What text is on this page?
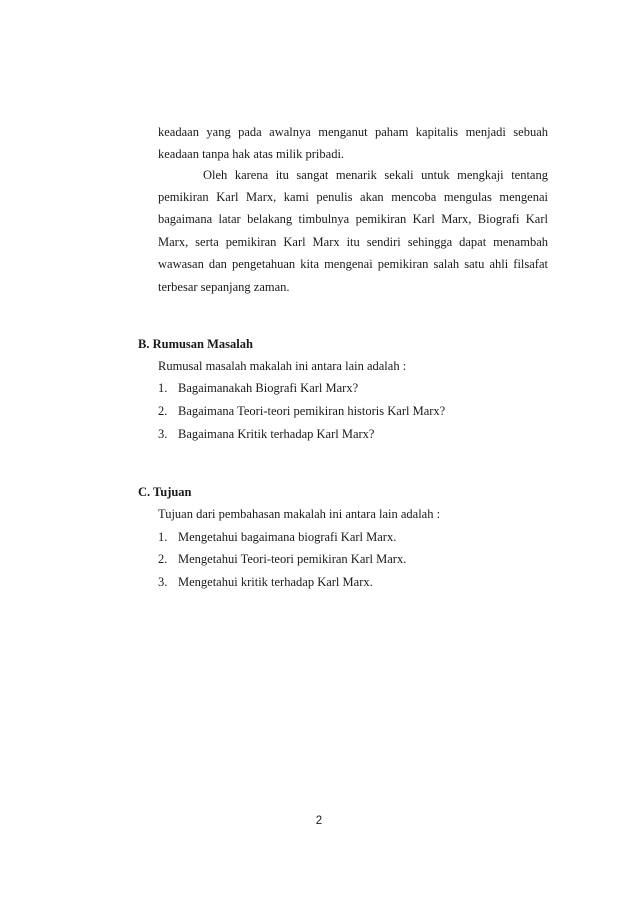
keadaan yang pada awalnya menganut paham kapitalis menjadi sebuah
keadaan tanpa hak atas milik pribadi.
Oleh karena itu sangat menarik sekali untuk mengkaji tentang
pemikiran Karl Marx, kami penulis akan mencoba mengulas mengenai
bagaimana latar belakang timbulnya pemikiran Karl Marx, Biografi Karl
Marx, serta pemikiran Karl Marx itu sendiri sehingga dapat menambah
wawasan dan pengetahuan kita mengenai pemikiran salah satu ahli filsafat
terbesar sepanjang zaman.
B. Rumusan Masalah
Rumusal masalah makalah ini antara lain adalah :
1. Bagaimanakah Biografi Karl Marx?
2. Bagaimana Teori-teori pemikiran historis Karl Marx?
3. Bagaimana Kritik terhadap Karl Marx?
C. Tujuan
Tujuan dari pembahasan makalah ini antara lain adalah :
1. Mengetahui bagaimana biografi Karl Marx.
2. Mengetahui Teori-teori pemikiran Karl Marx.
3. Mengetahui kritik terhadap Karl Marx.
2
